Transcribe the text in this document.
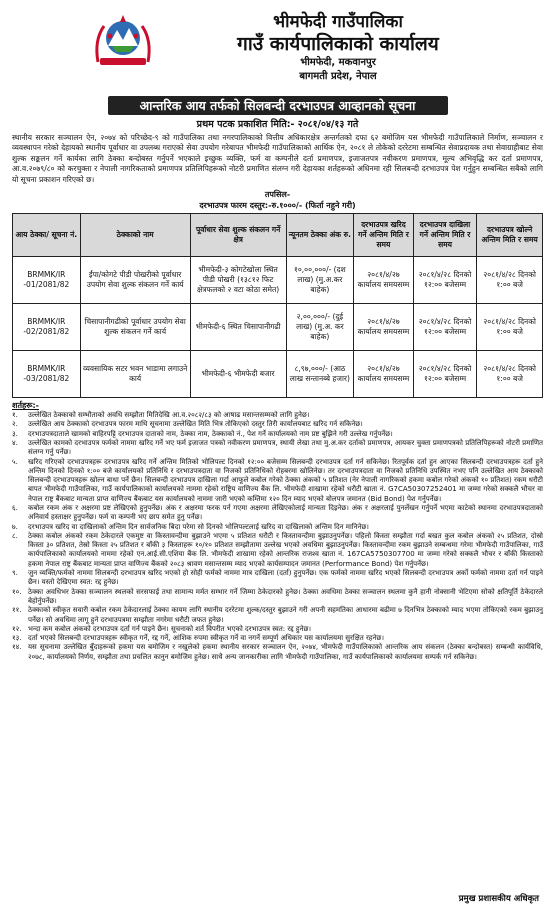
भीमफेदी गाउँपालिका
गाउँ कार्यपालिकाको कार्यालय
भीमफेदी, मकवानपुर
बागमती प्रदेश, नेपाल
आन्तरिक आय तर्फको सिलबन्दी दरभाउपत्र आव्हानको सूचना
प्रथम पटक प्रकाशित मिति:- २०८१/०४/१३ गते
स्थानीय सरकार सञ्चालन ऐन, २०७४ को परिच्छेद-९ को गाउँपालिका तथा नगरपालिकाको वित्तीय अधिकारक्षेत्र अन्तर्गतको दफा ६२ बमोजिम यस भीमफेदी गाउँपालिकाले निर्माण, सञ्चालन र व्यवस्थापन गरेको देहायको स्थानीय पूर्वाधार वा उपलब्ध गराएको सेवा उपयोग गरेबापत भीमफेदी गाउँपालिकाको आर्थिक ऐन, २०८१ ले तोकेको दररेटमा सम्बन्धित सेवाप्रदायक तथा सेवाग्राहीबाट सेवा शुल्क सङ्कलन गर्ने कार्यका लागि ठेक्का बन्दोबस्त गर्नुपर्ने भएकाले इच्छुक व्यक्ति, फर्म वा कम्पनीले दर्ता प्रमाणपत्र, इजाजतपत्र नवीकरण प्रमाणपत्र, मूल्य अभिवृद्धि कर दर्ता प्रमाणपत्र, आ.व.२०७९/८० को करचुक्ता र नेपाली नागरिकताको प्रमाणपत्र प्रतिलिपिहरूको नोटरी प्रमाणित संलग्न गरी देहायका शर्तहरूको अधिनमा रही सिलबन्दी दरभाउपत्र पेश गर्नुहुन सम्बन्धित सबैको लागि यो सूचना प्रकाशन गरिएको छ।
तपसिल-
दरभाउपत्र फारम दस्तुर:-रु.१०००/- (फिर्ता नहुने गरी)
आय ठेक्का/ सूचना नं.	ठेक्काको नाम	पूर्वाधार सेवा शुल्क संकलन गर्ने क्षेत्र	न्यूनतम ठेक्का अंक रु.	दरभाउपत्र खरिद गर्ने अन्तिम मिति र समय	दरभाउपत्र दाखिला गर्ने अन्तिम मिति र समय	दरभाउपत्र खोल्ने अन्तिम मिति र समय
BRMMK/IR -01/2081/82	ईंपा/कोगटे पीडी पोखरीको पूर्वाधार उपयोग सेवा शुल्क संकलन गर्ने कार्य	भीमफेदी-३ कोगटेखोला स्थित पीडी पोखरी (१३८१२ फिट क्षेत्रफलको २ वटा कोठा समेत)	१०,००,०००/- (दश लाख) (मु.अ.कर बाहेक)	२०८१/४/२७ कार्यालय समयसम्म	२०८१/४/२८ दिनको १२:०० बजेसम्म	२०८१/४/२८ दिनको १:०० बजे
BRMMK/IR -02/2081/82	चिसापानीगढीको पूर्वाधार उपयोग सेवा शुल्क संकलन गर्ने कार्य	भीमफेदी-६ स्थित चिसापानीगढी	२,००,०००/- (दुई लाख) (मु.अ. कर बाहेक)	२०८१/४/२७ कार्यालय समयसम्म	२०८१/४/२८ दिनको १२:०० बजेसम्म	२०८१/४/२८ दिनको १:०० बजे
BRMMK/IR -03/2081/82	व्यवसायिक सटर भवन भाडामा लगाउने कार्य	भीमफेदी-६ भीमफेदी बजार	८,९७,०००/- (आठ लाख सन्तानब्बे हजार)	२०८१/४/२७ कार्यालय समयसम्म	२०८१/४/२८ दिनको १२:०० बजेसम्म	२०८१/४/२८ दिनको १:०० बजे
शर्तहरू:-
१.	उल्लेखित ठेक्काको सम्भौताको अवधि सम्झौता मितिदेखि आ.व.२०८२/८३ को आषाढ मसान्तसम्मको लागि हुनेछ।
२.	उल्लेखित आय ठेक्काको दरभाउपत्र फारम माथि सूचनामा उल्लेखित मिति भित्र तोकिएको दस्तुर तिरी कार्यालयबाट खरिद गर्न सकिनेछ।
३.	दरभाउपत्रदाताले खामको बाहिरपट्टि दरभाउपत्र दाताको नाम, ठेक्का नाम, ठेक्काको नं., पेश गर्ने कार्यालयको नाम प्रष्ट बुझिने गरी उल्लेख गर्नुपर्नेछ।
४.	उल्लेखित कामको दरभाउपत्र फर्मको नाममा खरिद गर्ने भए फर्म इजाजत पत्रको नवीकरण प्रमाणपत्र, स्थायी लेखा तथा मु.अ.कर दर्ताको प्रमाणपत्र, आयकर चुक्ता प्रमाणपत्रको प्रतिलिपिहरूको नोटरी प्रमाणित संलग्न गर्नु पर्नेछ।
५.	खरिद गरिएको दरभाउपत्रहरू दरभाउपत्र खरिद गर्ने अन्तिम मितिको भोलिपल्ट दिनको १२:०० बजेसम्म सिलबन्दी दरभाउपत्र दर्ता गर्न सकिनेछ। रितपूर्वक दर्ता हुन आएका सिलबन्दी दरभाउपत्रहरू दर्ता हुने अन्तिम दिनको दिनको १:०० बजे कार्यालयको प्रतिनिधि र दरभाउपत्रदाता वा निजको प्रतिनिधिको रोहबरमा खोलिनेछ। तर दरभाउपत्रदाता वा निजको प्रतिनिधि उपस्थित नभए पनि उल्लेखित आय ठेक्काको सिलबन्दी दरभाउपत्रहरू खोल्न बाधा पर्ने छैन। सिलबन्दी दरभाउपत्र दाखिला गर्दा आफूले कबोल गरेको ठेक्का अंकको ५ प्रतिशत (नेर नेपाली नागरिकको हकमा कबोल गरेको अंकको १० प्रतिशत) रकम धरौटी बापत भीमफेदी गाउँपालिका, गाउँ कार्यपालिकाको कार्यालयको नाममा रहेको राष्ट्रिय वाणिज्य बैंक लि. भीमफेदी शाखामा रहेको धरौटी खाता नं. G7CA50307252401 मा जम्मा गरेको सक्कलै भौचर वा नेपाल राष्ट्र बैंकबाट मान्यता प्राप्त वाणिज्य बैंकबाट यस कार्यालयको नाममा जारी भएको कम्तिमा १२० दिन म्याद भएको बोलपत्र जमानत (Bid Bond) पेश गर्नुपर्नेछ।
६.	कबोल रकम अंक र अक्षरमा प्रष्ट लेखिएको हुनुपर्नेछ। अंक र अक्षरमा फरक पर्न गएमा अक्षरमा लेखिएकोलाई मान्यता दिइनेछ। अंक र अक्षरलाई पुनर्लेखन गर्नुपर्ने भएमा काटेको स्थानमा दरभाउपत्रदाताको अनिवार्य हस्ताक्षर हुनुपर्नेछ। फर्म वा कम्पनी भए छाप समेत हुनु पर्नेछ।
७.	दरभाउपत्र खरिद वा दाखिलाको अन्तिम दिन सार्वजनिक बिदा परेमा सो दिनको भोलिपल्टलाई खरिद वा दाखिलाको अन्तिम दिन मानिनेछ।
८.	ठेक्का कबोल अंकको रकम ठेकेदारले एकमुष्ट वा किस्तावन्दीमा बुझाउने भएमा ५ प्रतिशत धरौटी र किस्तावन्दीमा बुझाउनुपर्नेछ। पहिलो किस्ता सम्झौता गर्दा बखत कुल कबोल अंकको २५ प्रतिशत, दोस्रो किस्ता ३० प्रतिशत, तेस्रो किस्ता २५ प्रतिशत र बाँकी ३ किस्ताहरू १०/१० प्रतिशत सम्झौतामा उल्लेख भएको अवधिमा बुझाउनुपर्नेछ। किस्तावन्दीमा रकम बुझाउने सम्बन्धमा गरेमा भीमफेदी गाउँपालिका, गाउँ कार्यपालिकाको कार्यालयको नाममा रहेको एन.आई.सी.एशिया बैंक लि. भीमफेदी शाखामा रहेको आन्तरिक राजश्व खाता नं. 167CA5750307700 मा जम्मा गरेको सक्कलै भौचर र बाँकी किस्ताको हकमा नेपाल राष्ट्र बैंकबाट मान्यता प्राप्त वाणिज्य बैंकको २०८३ श्रावण मसान्तसम्म म्याद भएको कार्यसम्पादन जमानत (Performance Bond) पेश गर्नुपर्नेछ।
९.	जुन व्यक्ति/फर्मको नाममा सिलबन्दी दरभाउपत्र खरिद भएको हो सोही फर्मको नाममा मात्र दाखिला (दर्ता) हुनुपर्नेछ। एक फर्मको नाममा खरिद भएको सिलबन्दी दरभाउपत्र अर्को फर्मको नाममा दर्ता गर्न पाइने छैन। यस्तो देखिएमा स्वत: रद्द हुनेछ।
१०. ठेक्का अवधिभर ठेक्का सञ्चालन स्थलको सरसफाई तथा सामान्य मर्मत सम्भार गर्ने जिम्मा ठेकेदारको हुनेछ। ठेक्का अवधिमा ठेक्का सञ्चालन स्थलमा कुनै हानी नोक्सानी भेटिएमा सोको क्षतिपूर्ति ठेकेदारले बेहोर्नुपर्नेछ।
११. ठेक्काको स्वीकृत सवारी कबोल रकम ठेकेदारलाई ठेक्का कायम लागि स्थानीय दररेटमा शुल्क/दस्तुर बुझाउने गरी अपनी सहमतिका आधारमा बढीमा ७ दिनभित्र ठेक्काको म्याद भएमा तोकिएको रकम बुझाउनु पर्नेछ। सो अवधिमा लागू हुने दरभाउपत्रमा सम्झौता नगरेमा धरौटी जफत हुनेछ।
१२. भन्दा कम कबोल अंकको दरभाउपत्र दर्ता गर्न पाइने छैन। सूचनाको शर्त विपरीत भएको दरभाउपत्र स्वत: रद्द हुनेछ।
१३. दर्ता भएको सिलबन्दी दरभाउपत्रहरू स्वीकृत गर्ने, रद्द गर्ने, आंशिक रुपमा स्वीकृत गर्ने वा नगर्ने सम्पूर्ण अधिकार यस कार्यालयमा सुरक्षित रहनेछ।
१४. यस सूचनामा उल्लेखित बुँदाहरूको हकमा यस बमोजिम र नखुलेको हकमा स्थानीय सरकार सञ्चालन ऐन, २०७४, भीमफेदी गाउँपालिकाको आन्तरिक आय संकलन (ठेक्का बन्दोबस्त) सम्बन्धी कार्यविधि, २०७८, कार्यालयको निर्णय, सम्झौता तथा प्रचलित कानुन बमोजिम हुनेछ। साथै अन्य जानकारीका लागि भीमफेदी गाउँपालिका, गाउँ कार्यपालिकाको कार्यालयमा सम्पर्क गर्न सकिनेछ।
प्रमुख प्रशासकीय अधिकृत
